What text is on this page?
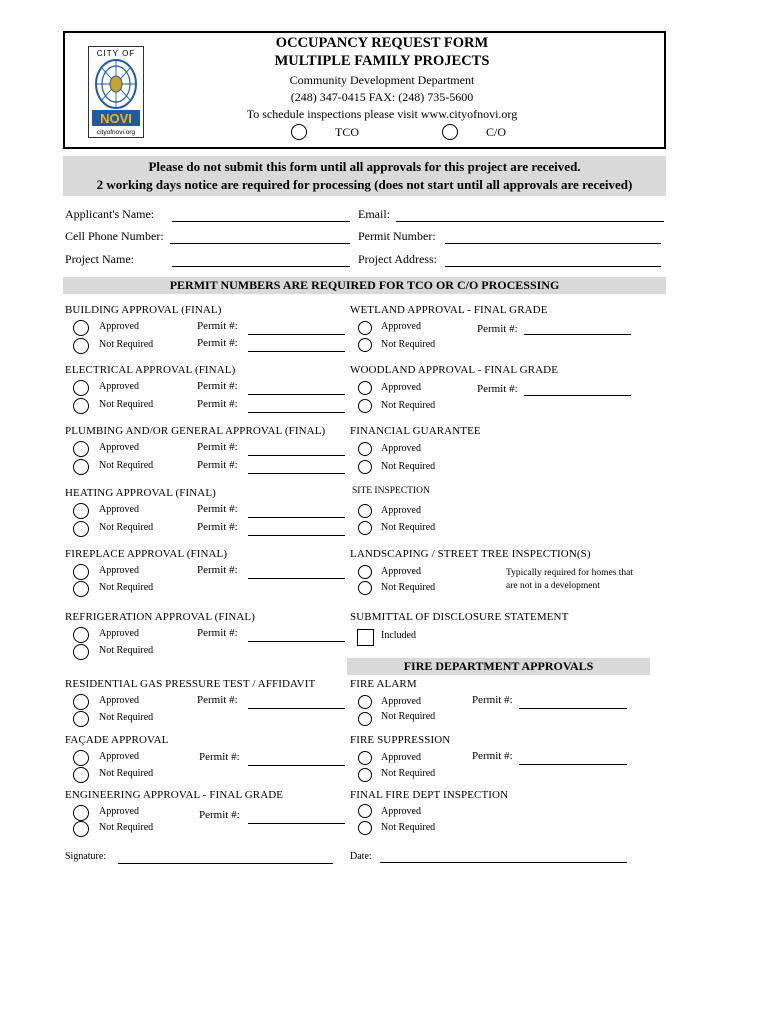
CITY OF
NOVI
cityofnovi.org
OCCUPANCY REQUEST FORM
MULTIPLE FAMILY PROJECTS
Community Development Department
(248) 347-0415 FAX: (248) 735-5600
To schedule inspections please visit www.cityofnovi.org
TCO	C/O
Please do not submit this form until all approvals for this project are received.
2 working days notice are required for processing (does not start until all approvals are received)
Applicant's Name:	Email:
Cell Phone Number:	Permit Number:
Project Name:	Project Address:
PERMIT NUMBERS ARE REQUIRED FOR TCO OR C/O PROCESSING
BUILDING APPROVAL (FINAL)
Approved	Permit #:
Not Required	Permit #:
ELECTRICAL APPROVAL (FINAL)
Approved	Permit #:
Not Required	Permit #:
PLUMBING AND/OR GENERAL APPROVAL (FINAL)
Approved	Permit #:
Not Required	Permit #:
HEATING APPROVAL (FINAL)
Approved	Permit #:
Not Required	Permit #:
FIREPLACE APPROVAL (FINAL)
Approved	Permit #:
Not Required
REFRIGERATION APPROVAL (FINAL)
Approved	Permit #:
Not Required
RESIDENTIAL GAS PRESSURE TEST / AFFIDAVIT
Approved	Permit #:
Not Required
FAÇADE APPROVAL
Approved	Permit #:
Not Required
ENGINEERING APPROVAL - FINAL GRADE
Approved	Permit #:
Not Required
WETLAND APPROVAL - FINAL GRADE
Approved	Permit #:
Not Required
WOODLAND APPROVAL - FINAL GRADE
Approved	Permit #:
Not Required
FINANCIAL GUARANTEE
Approved
Not Required
SITE INSPECTION
Approved
Not Required
LANDSCAPING / STREET TREE INSPECTION(S)
Approved	Typically required for homes that
Not Required	are not in a development
SUBMITTAL OF DISCLOSURE STATEMENT
Included
FIRE DEPARTMENT APPROVALS
FIRE ALARM
Approved	Permit #:
Not Required
FIRE SUPPRESSION
Approved	Permit #:
Not Required
FINAL FIRE DEPT INSPECTION
Approved
Not Required
Signature:	Date:
